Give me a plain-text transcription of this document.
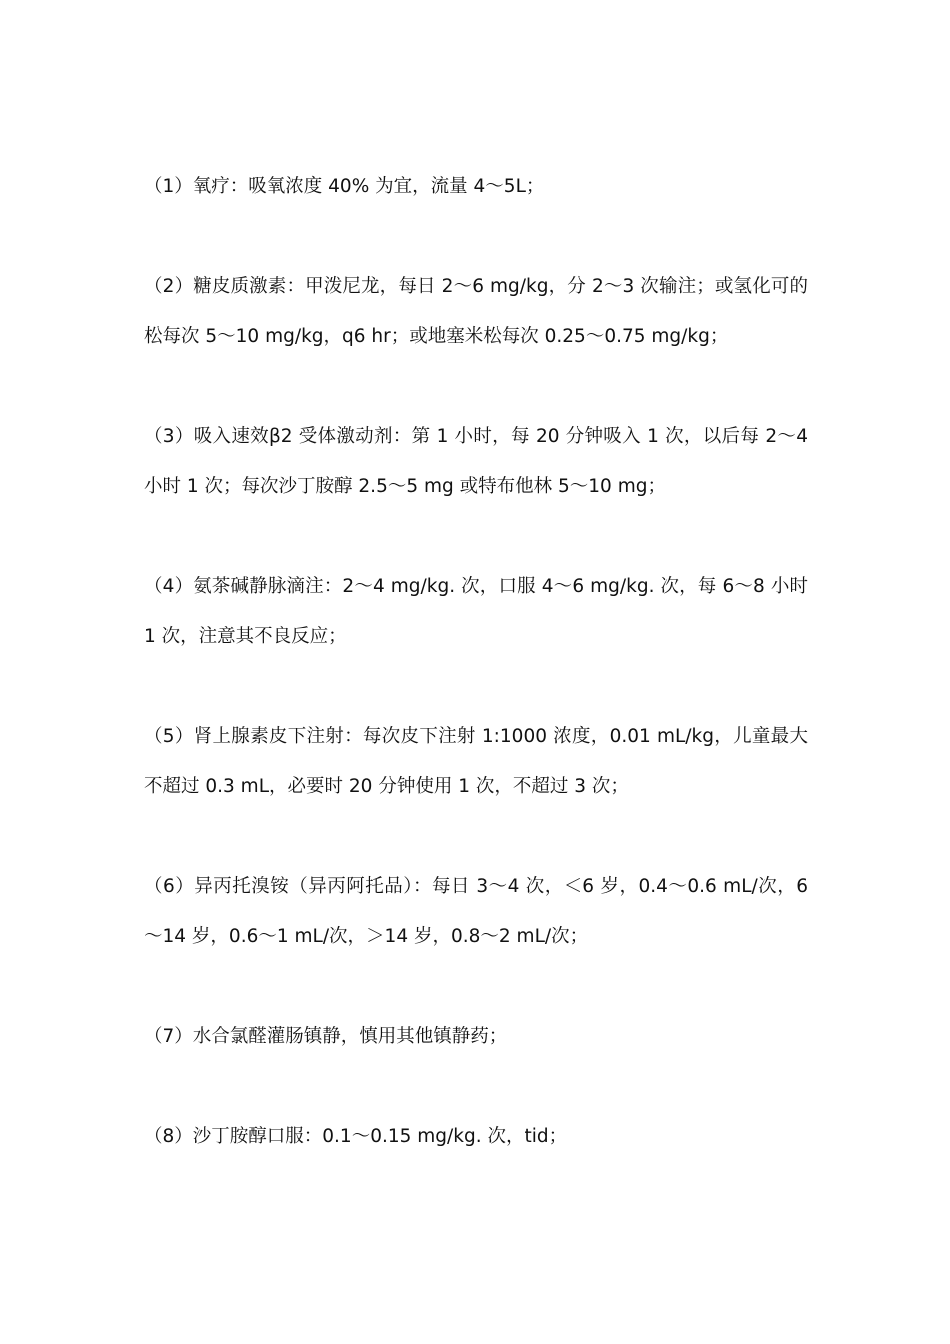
（1）氧疗：吸氧浓度 40% 为宜，流量 4～5L；

（2）糖皮质激素：甲泼尼龙，每日 2～6 mg/kg，分 2～3 次输注；或氢化可的松每次 5～10 mg/kg，q6 hr；或地塞米松每次 0.25～0.75 mg/kg；

（3）吸入速效β2 受体激动剂：第 1 小时，每 20 分钟吸入 1 次，以后每 2～4 小时 1 次；每次沙丁胺醇 2.5～5 mg 或特布他林 5～10 mg；

（4）氨茶碱静脉滴注：2～4 mg/kg. 次，口服 4～6 mg/kg. 次，每 6～8 小时 1 次，注意其不良反应；

（5）肾上腺素皮下注射：每次皮下注射 1:1000 浓度，0.01 mL/kg，儿童最大不超过 0.3 mL，必要时 20 分钟使用 1 次，不超过 3 次；

（6）异丙托溴铵（异丙阿托品）：每日 3～4 次，＜6 岁，0.4～0.6 mL/次，6～14 岁，0.6～1 mL/次，＞14 岁，0.8～2 mL/次；

（7）水合氯醛灌肠镇静，慎用其他镇静药；

（8）沙丁胺醇口服：0.1～0.15 mg/kg. 次，tid；
